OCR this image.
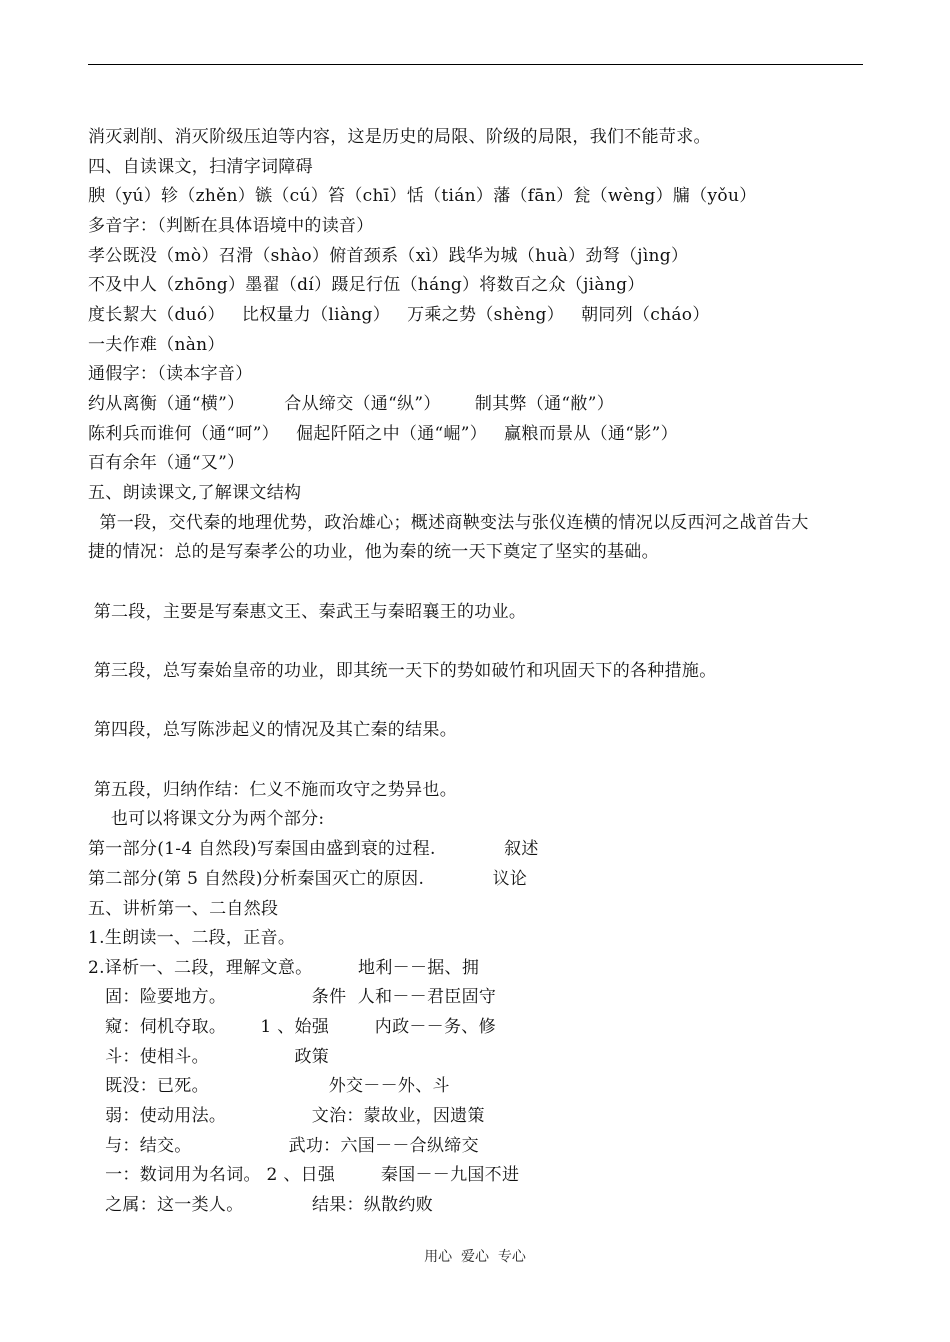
消灭剥削、消灭阶级压迫等内容，这是历史的局限、阶级的局限，我们不能苛求。
四、自读课文，扫清字词障碍
腴（yú）轸（zhěn）镞（cú）笞（chī）恬（tián）藩（fān）瓮（wèng）牖（yǒu）
多音字：（判断在具体语境中的读音）
孝公既没（mò）召滑（shào）俯首颈系（xì）践华为城（huà）劲弩（jìng）
不及中人（zhōng）墨翟（dí）蹑足行伍（háng）将数百之众（jiàng）
度长絜大（duó）   比权量力（liàng）   万乘之势（shèng）   朝同列（cháo）
一夫作难（nàn）
通假字：（读本字音）
约从离衡（通“横”）       合从缔交（通“纵”）      制其弊（通“敝”）
陈利兵而谁何（通“呵”）   倔起阡陌之中（通“崛”）   赢粮而景从（通“影”）
百有余年（通“又”）
五、朗读课文,了解课文结构
第一段，交代秦的地理优势，政治雄心；概述商鞅变法与张仪连横的情况以反西河之战首告大
捷的情况：总的是写秦孝公的功业，他为秦的统一天下奠定了坚实的基础。
第二段，主要是写秦惠文王、秦武王与秦昭襄王的功业。
第三段，总写秦始皇帝的功业，即其统一天下的势如破竹和巩固天下的各种措施。
第四段，总写陈涉起义的情况及其亡秦的结果。
第五段，归纳作结：仁义不施而攻守之势异也。
也可以将课文分为两个部分:
第一部分(1-4 自然段)写秦国由盛到衰的过程.            叙述
第二部分(第 5 自然段)分析秦国灭亡的原因.            议论
五、讲析第一、二自然段
1.生朗读一、二段，正音。
2.译析一、二段，理解文意。        地利－－据、拥
固：险要地方。               条件  人和－－君臣固守
窥：伺机夺取。      1 、始强        内政－－务、修
斗：使相斗。               政策
既没：已死。                     外交－－外、斗
弱：使动用法。               文治：蒙故业，因遗策
与：结交。                 武功：六国－－合纵缔交
一：数词用为名词。 2 、日强        秦国－－九国不进
之属：这一类人。            结果：纵散约败
用心  爱心  专心
